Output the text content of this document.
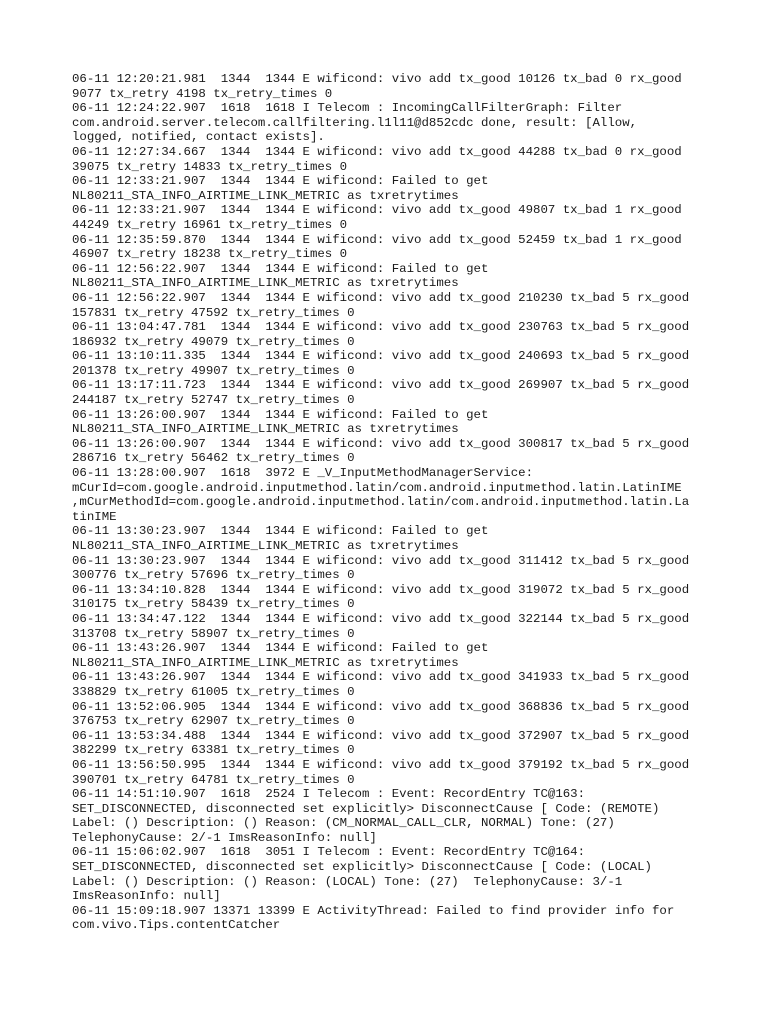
06-11 12:20:21.981  1344  1344 E wificond: vivo add tx_good 10126 tx_bad 0 rx_good
9077 tx_retry 4198 tx_retry_times 0
06-11 12:24:22.907  1618  1618 I Telecom : IncomingCallFilterGraph: Filter
com.android.server.telecom.callfiltering.l1l11@d852cdc done, result: [Allow,
logged, notified, contact exists].
06-11 12:27:34.667  1344  1344 E wificond: vivo add tx_good 44288 tx_bad 0 rx_good
39075 tx_retry 14833 tx_retry_times 0
06-11 12:33:21.907  1344  1344 E wificond: Failed to get
NL80211_STA_INFO_AIRTIME_LINK_METRIC as txretrytimes
06-11 12:33:21.907  1344  1344 E wificond: vivo add tx_good 49807 tx_bad 1 rx_good
44249 tx_retry 16961 tx_retry_times 0
06-11 12:35:59.870  1344  1344 E wificond: vivo add tx_good 52459 tx_bad 1 rx_good
46907 tx_retry 18238 tx_retry_times 0
06-11 12:56:22.907  1344  1344 E wificond: Failed to get
NL80211_STA_INFO_AIRTIME_LINK_METRIC as txretrytimes
06-11 12:56:22.907  1344  1344 E wificond: vivo add tx_good 210230 tx_bad 5 rx_good
157831 tx_retry 47592 tx_retry_times 0
06-11 13:04:47.781  1344  1344 E wificond: vivo add tx_good 230763 tx_bad 5 rx_good
186932 tx_retry 49079 tx_retry_times 0
06-11 13:10:11.335  1344  1344 E wificond: vivo add tx_good 240693 tx_bad 5 rx_good
201378 tx_retry 49907 tx_retry_times 0
06-11 13:17:11.723  1344  1344 E wificond: vivo add tx_good 269907 tx_bad 5 rx_good
244187 tx_retry 52747 tx_retry_times 0
06-11 13:26:00.907  1344  1344 E wificond: Failed to get
NL80211_STA_INFO_AIRTIME_LINK_METRIC as txretrytimes
06-11 13:26:00.907  1344  1344 E wificond: vivo add tx_good 300817 tx_bad 5 rx_good
286716 tx_retry 56462 tx_retry_times 0
06-11 13:28:00.907  1618  3972 E _V_InputMethodManagerService:
mCurId=com.google.android.inputmethod.latin/com.android.inputmethod.latin.LatinIME
,mCurMethodId=com.google.android.inputmethod.latin/com.android.inputmethod.latin.La
tinIME
06-11 13:30:23.907  1344  1344 E wificond: Failed to get
NL80211_STA_INFO_AIRTIME_LINK_METRIC as txretrytimes
06-11 13:30:23.907  1344  1344 E wificond: vivo add tx_good 311412 tx_bad 5 rx_good
300776 tx_retry 57696 tx_retry_times 0
06-11 13:34:10.828  1344  1344 E wificond: vivo add tx_good 319072 tx_bad 5 rx_good
310175 tx_retry 58439 tx_retry_times 0
06-11 13:34:47.122  1344  1344 E wificond: vivo add tx_good 322144 tx_bad 5 rx_good
313708 tx_retry 58907 tx_retry_times 0
06-11 13:43:26.907  1344  1344 E wificond: Failed to get
NL80211_STA_INFO_AIRTIME_LINK_METRIC as txretrytimes
06-11 13:43:26.907  1344  1344 E wificond: vivo add tx_good 341933 tx_bad 5 rx_good
338829 tx_retry 61005 tx_retry_times 0
06-11 13:52:06.905  1344  1344 E wificond: vivo add tx_good 368836 tx_bad 5 rx_good
376753 tx_retry 62907 tx_retry_times 0
06-11 13:53:34.488  1344  1344 E wificond: vivo add tx_good 372907 tx_bad 5 rx_good
382299 tx_retry 63381 tx_retry_times 0
06-11 13:56:50.995  1344  1344 E wificond: vivo add tx_good 379192 tx_bad 5 rx_good
390701 tx_retry 64781 tx_retry_times 0
06-11 14:51:10.907  1618  2524 I Telecom : Event: RecordEntry TC@163:
SET_DISCONNECTED, disconnected set explicitly> DisconnectCause [ Code: (REMOTE)
Label: () Description: () Reason: (CM_NORMAL_CALL_CLR, NORMAL) Tone: (27)
TelephonyCause: 2/-1 ImsReasonInfo: null]
06-11 15:06:02.907  1618  3051 I Telecom : Event: RecordEntry TC@164:
SET_DISCONNECTED, disconnected set explicitly> DisconnectCause [ Code: (LOCAL)
Label: () Description: () Reason: (LOCAL) Tone: (27)  TelephonyCause: 3/-1
ImsReasonInfo: null]
06-11 15:09:18.907 13371 13399 E ActivityThread: Failed to find provider info for
com.vivo.Tips.contentCatcher
